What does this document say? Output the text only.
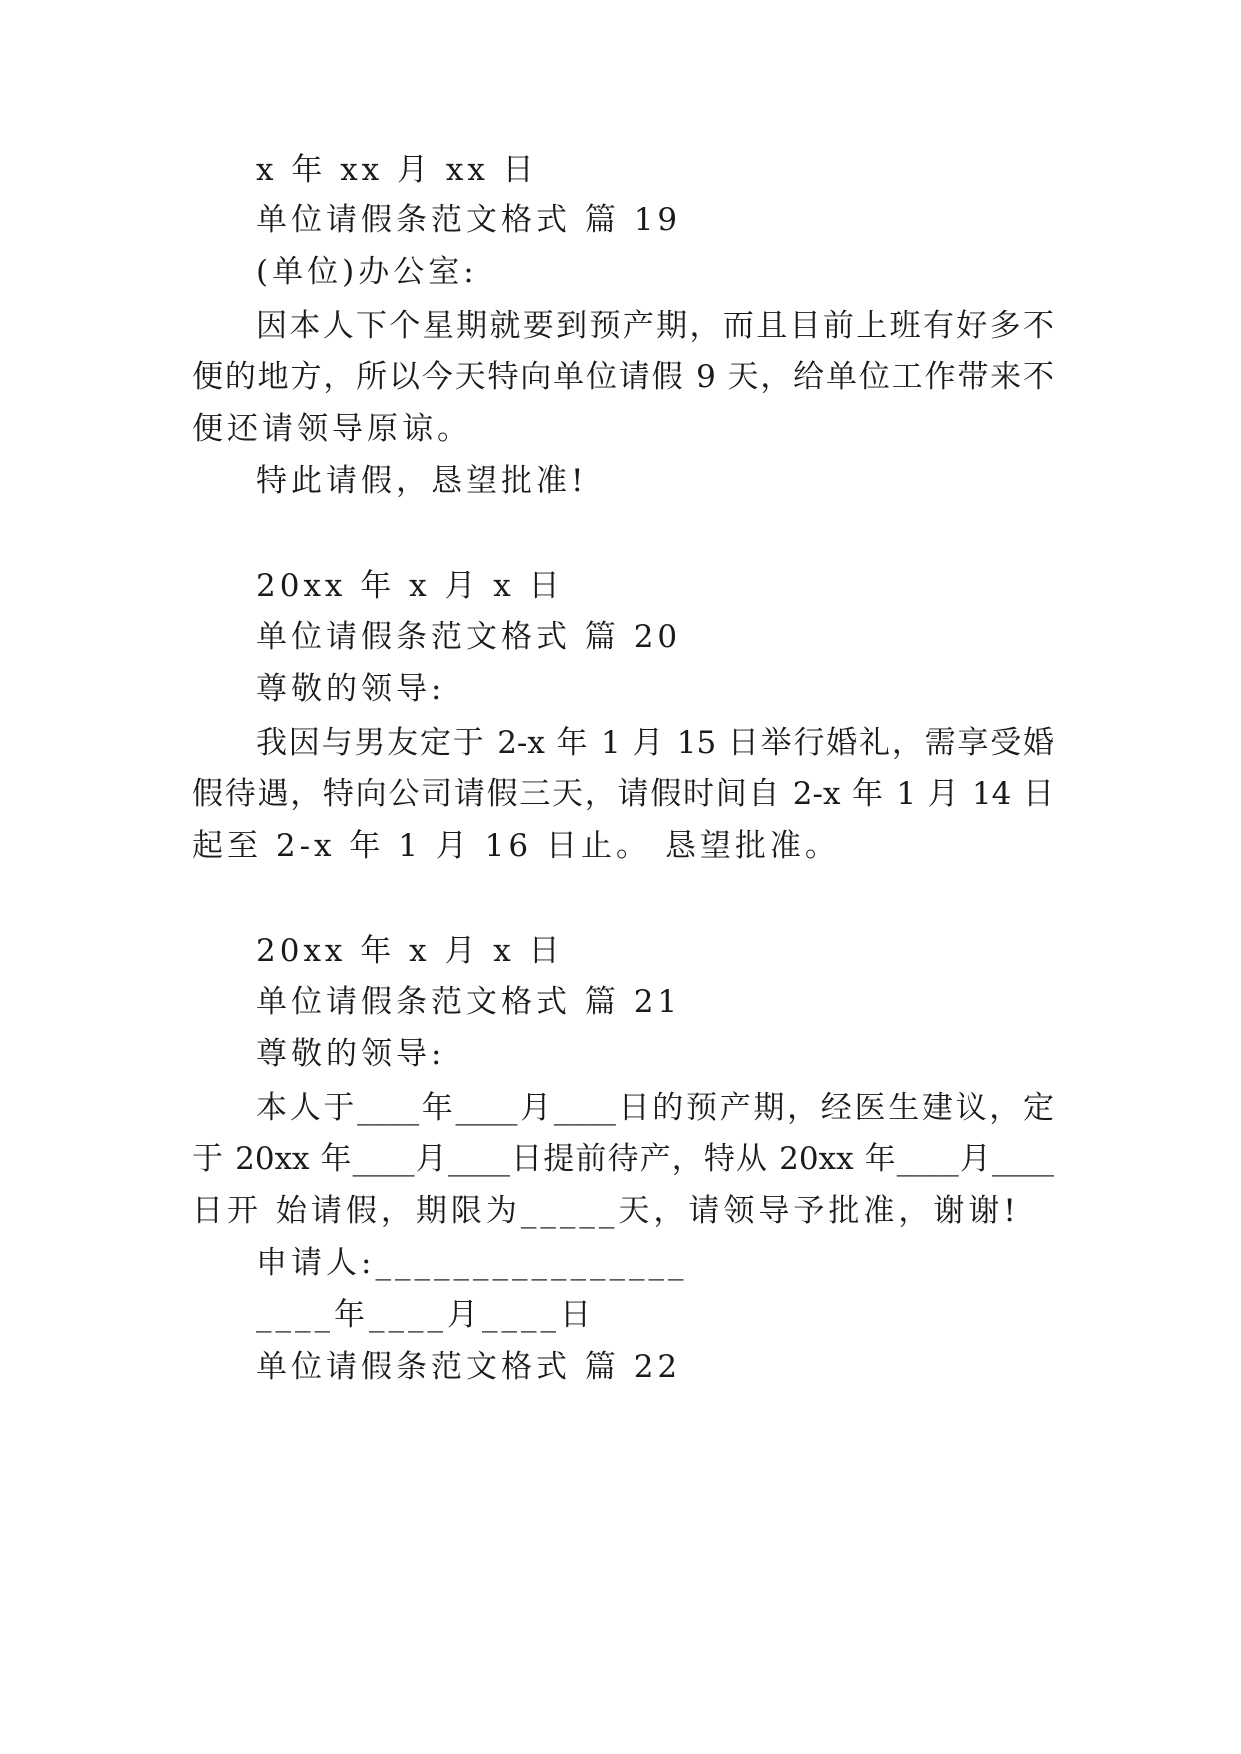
x 年 xx 月 xx 日
单位请假条范文格式 篇 19
(单位)办公室:
因本人下个星期就要到预产期，而且目前上班有好多不
便的地方，所以今天特向单位请假 9 天，给单位工作带来不
便还请领导原谅。
特此请假，恳望批准!
20xx 年 x 月 x 日
单位请假条范文格式 篇 20
尊敬的领导:
我因与男友定于 2-x 年 1 月 15 日举行婚礼，需享受婚
假待遇，特向公司请假三天，请假时间自 2-x 年 1 月 14 日
起至 2-x 年 1 月 16 日止。 恳望批准。
20xx 年 x 月 x 日
单位请假条范文格式 篇 21
尊敬的领导:
本人于____年____月____日的预产期，经医生建议，定
于 20xx 年____月____日提前待产，特从 20xx 年____月____
日开 始请假，期限为_____天，请领导予批准，谢谢!
申请人:________________
____年____月____日
单位请假条范文格式 篇 22
